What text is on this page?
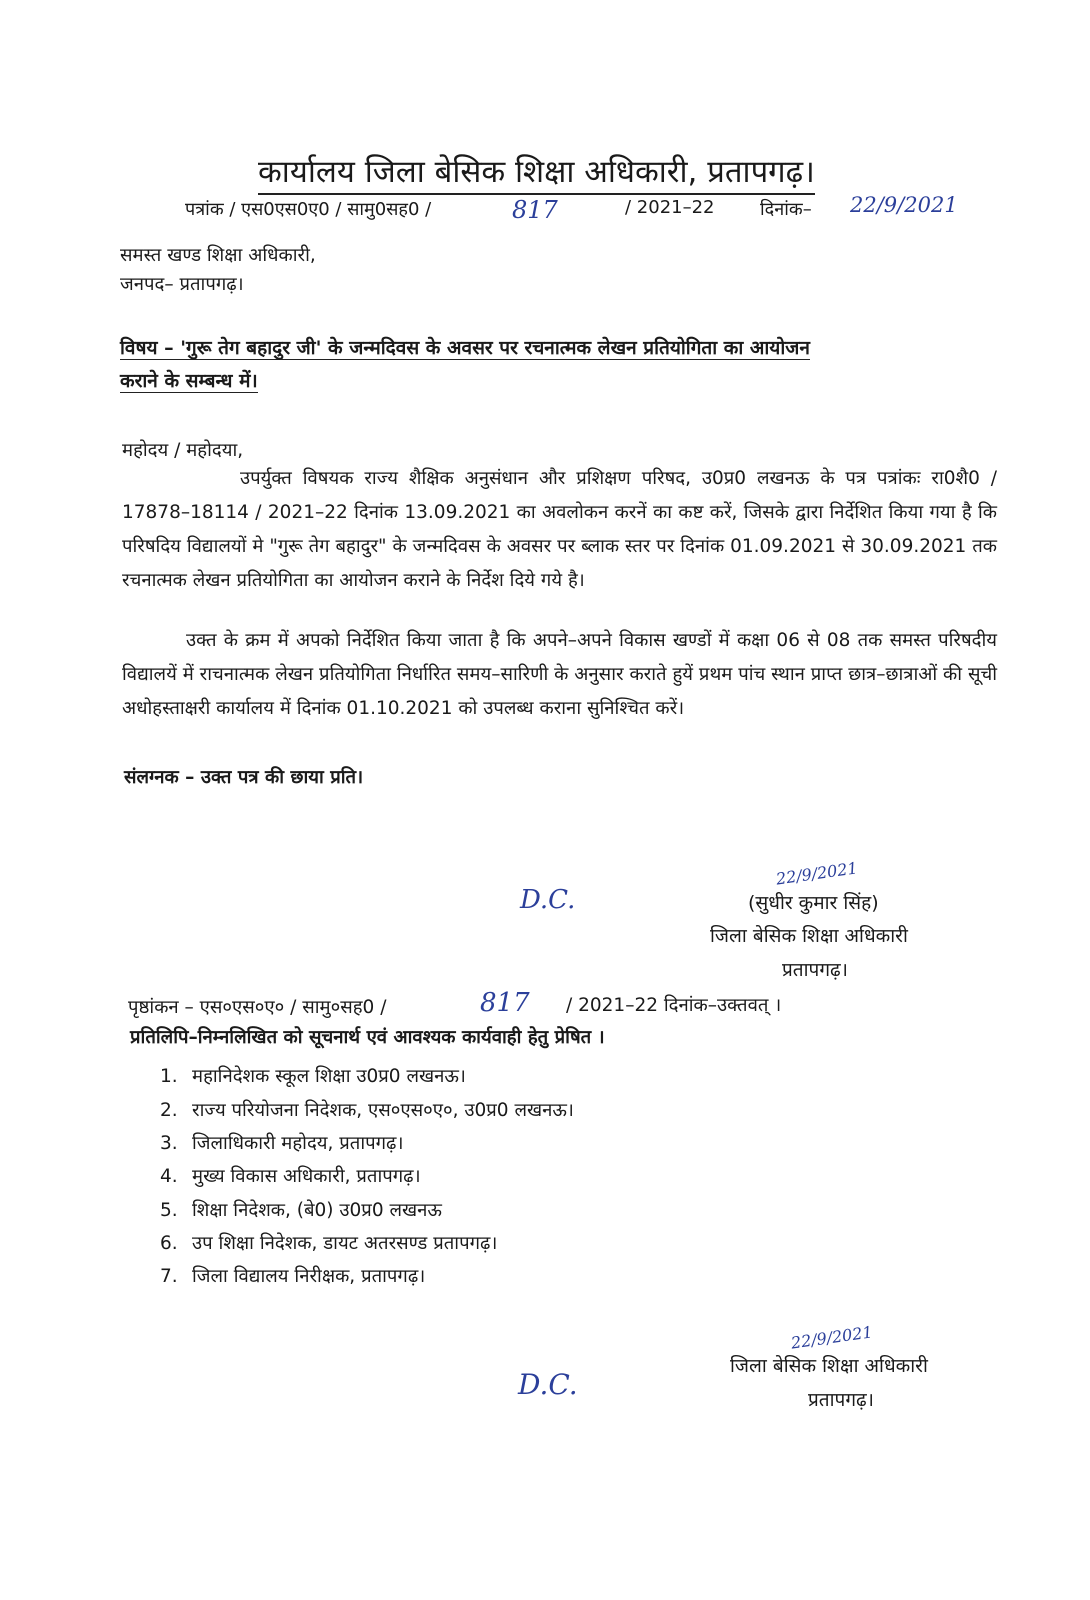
कार्यालय जिला बेसिक शिक्षा अधिकारी, प्रतापगढ़।
पत्रांक / एस0एस0ए0 / सामु0सह0 /	817	/ 2021–22	दिनांक– 22/9/2021
समस्त खण्ड शिक्षा अधिकारी,
जनपद– प्रतापगढ़।
विषय – 'गुरू तेग बहादुर जी' के जन्मदिवस के अवसर पर रचनात्मक लेखन प्रतियोगिता का आयोजन
कराने के सम्बन्ध में।
महोदय / महोदया,
उपर्युक्त विषयक राज्य शैक्षिक अनुसंधान और प्रशिक्षण परिषद, उ0प्र0 लखनऊ के पत्र पत्रांकः रा0शै0 / 17878–18114 / 2021–22 दिनांक 13.09.2021 का अवलोकन करनें का कष्ट करें, जिसके द्वारा निर्देशित किया गया है कि परिषदिय विद्यालयों मे "गुरू तेग बहादुर" के जन्मदिवस के अवसर पर ब्लाक स्तर पर दिनांक 01.09.2021 से 30.09.2021 तक रचनात्मक लेखन प्रतियोगिता का आयोजन कराने के निर्देश दिये गये है।
उक्त के क्रम में अपको निर्देशित किया जाता है कि अपने–अपने विकास खण्डों में कक्षा 06 से 08 तक समस्त परिषदीय विद्यालयें में राचनात्मक लेखन प्रतियोगिता निर्धारित समय–सारिणी के अनुसार कराते हुयें प्रथम पांच स्थान प्राप्त छात्र–छात्राओं की सूची अधोहस्ताक्षरी कार्यालय में दिनांक 01.10.2021 को उपलब्ध कराना सुनिश्चित करें।
संलग्नक – उक्त पत्र की छाया प्रति।
22/9/2021
D.C.	(सुधीर कुमार सिंह)
जिला बेसिक शिक्षा अधिकारी
प्रतापगढ़।
पृष्ठांकन – एस०एस०ए० / सामु०सह0 /	817 / 2021–22 दिनांक–उक्तवत् ।
प्रतिलिपि–निम्नलिखित को सूचनार्थ एवं आवश्यक कार्यवाही हेतु प्रेषित ।
1. महानिदेशक स्कूल शिक्षा उ0प्र0 लखनऊ।
2. राज्य परियोजना निदेशक, एस०एस०ए०, उ0प्र0 लखनऊ।
3. जिलाधिकारी महोदय, प्रतापगढ़।
4. मुख्य विकास अधिकारी, प्रतापगढ़।
5. शिक्षा निदेशक, (बे0) उ0प्र0 लखनऊ
6. उप शिक्षा निदेशक, डायट अतरसण्ड प्रतापगढ़।
7. जिला विद्यालय निरीक्षक, प्रतापगढ़।
22/9/2021
D.C.
जिला बेसिक शिक्षा अधिकारी
प्रतापगढ़।
